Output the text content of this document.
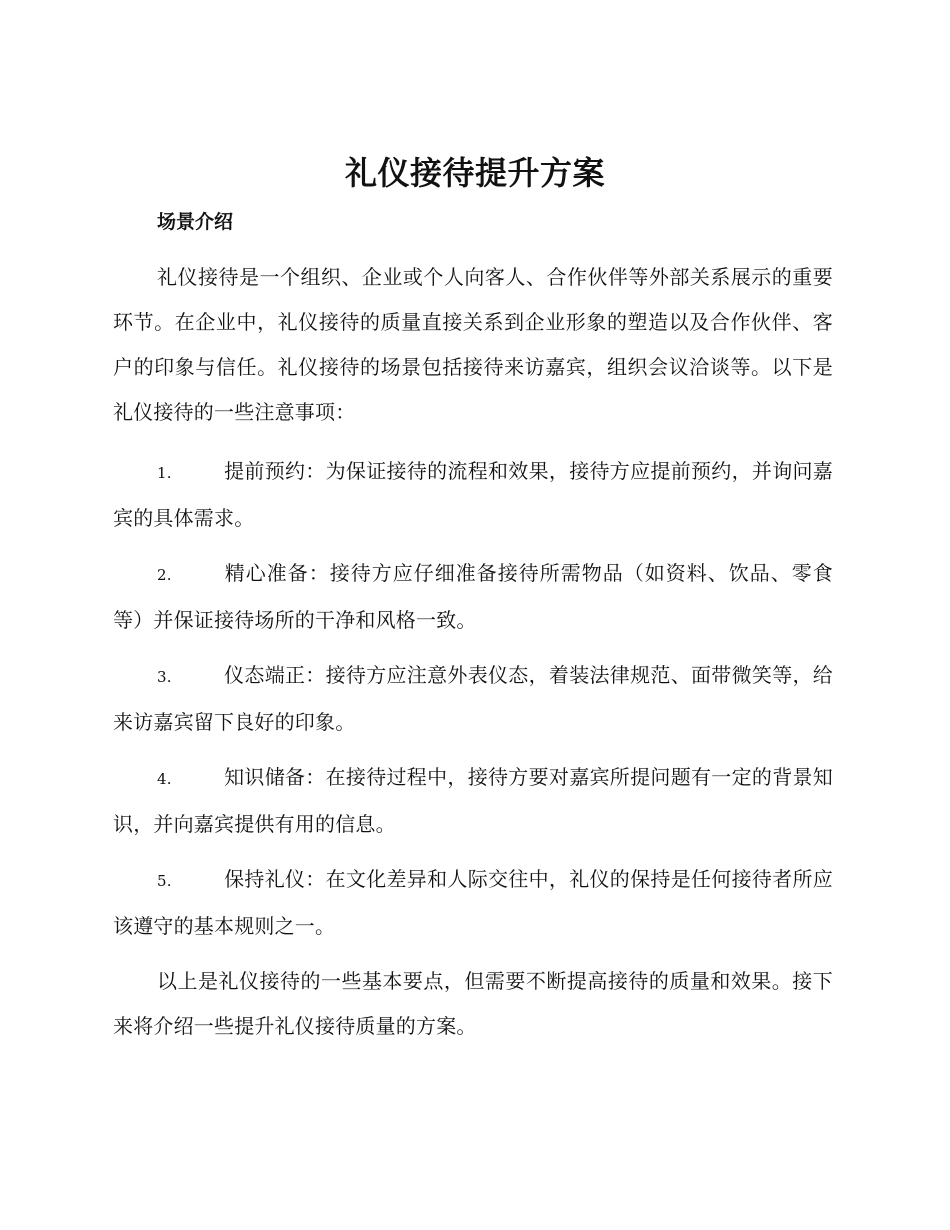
礼仪接待提升方案
场景介绍

礼仪接待是一个组织、企业或个人向客人、合作伙伴等外部关系展示的重要环节。在企业中，礼仪接待的质量直接关系到企业形象的塑造以及合作伙伴、客户的印象与信任。礼仪接待的场景包括接待来访嘉宾，组织会议洽谈等。以下是礼仪接待的一些注意事项：

1.	提前预约：为保证接待的流程和效果，接待方应提前预约，并询问嘉宾的具体需求。

2.	精心准备：接待方应仔细准备接待所需物品（如资料、饮品、零食等）并保证接待场所的干净和风格一致。

3.	仪态端正：接待方应注意外表仪态，着装法律规范、面带微笑等，给来访嘉宾留下良好的印象。

4.	知识储备：在接待过程中，接待方要对嘉宾所提问题有一定的背景知识，并向嘉宾提供有用的信息。

5.	保持礼仪：在文化差异和人际交往中，礼仪的保持是任何接待者所应该遵守的基本规则之一。

以上是礼仪接待的一些基本要点，但需要不断提高接待的质量和效果。接下来将介绍一些提升礼仪接待质量的方案。
